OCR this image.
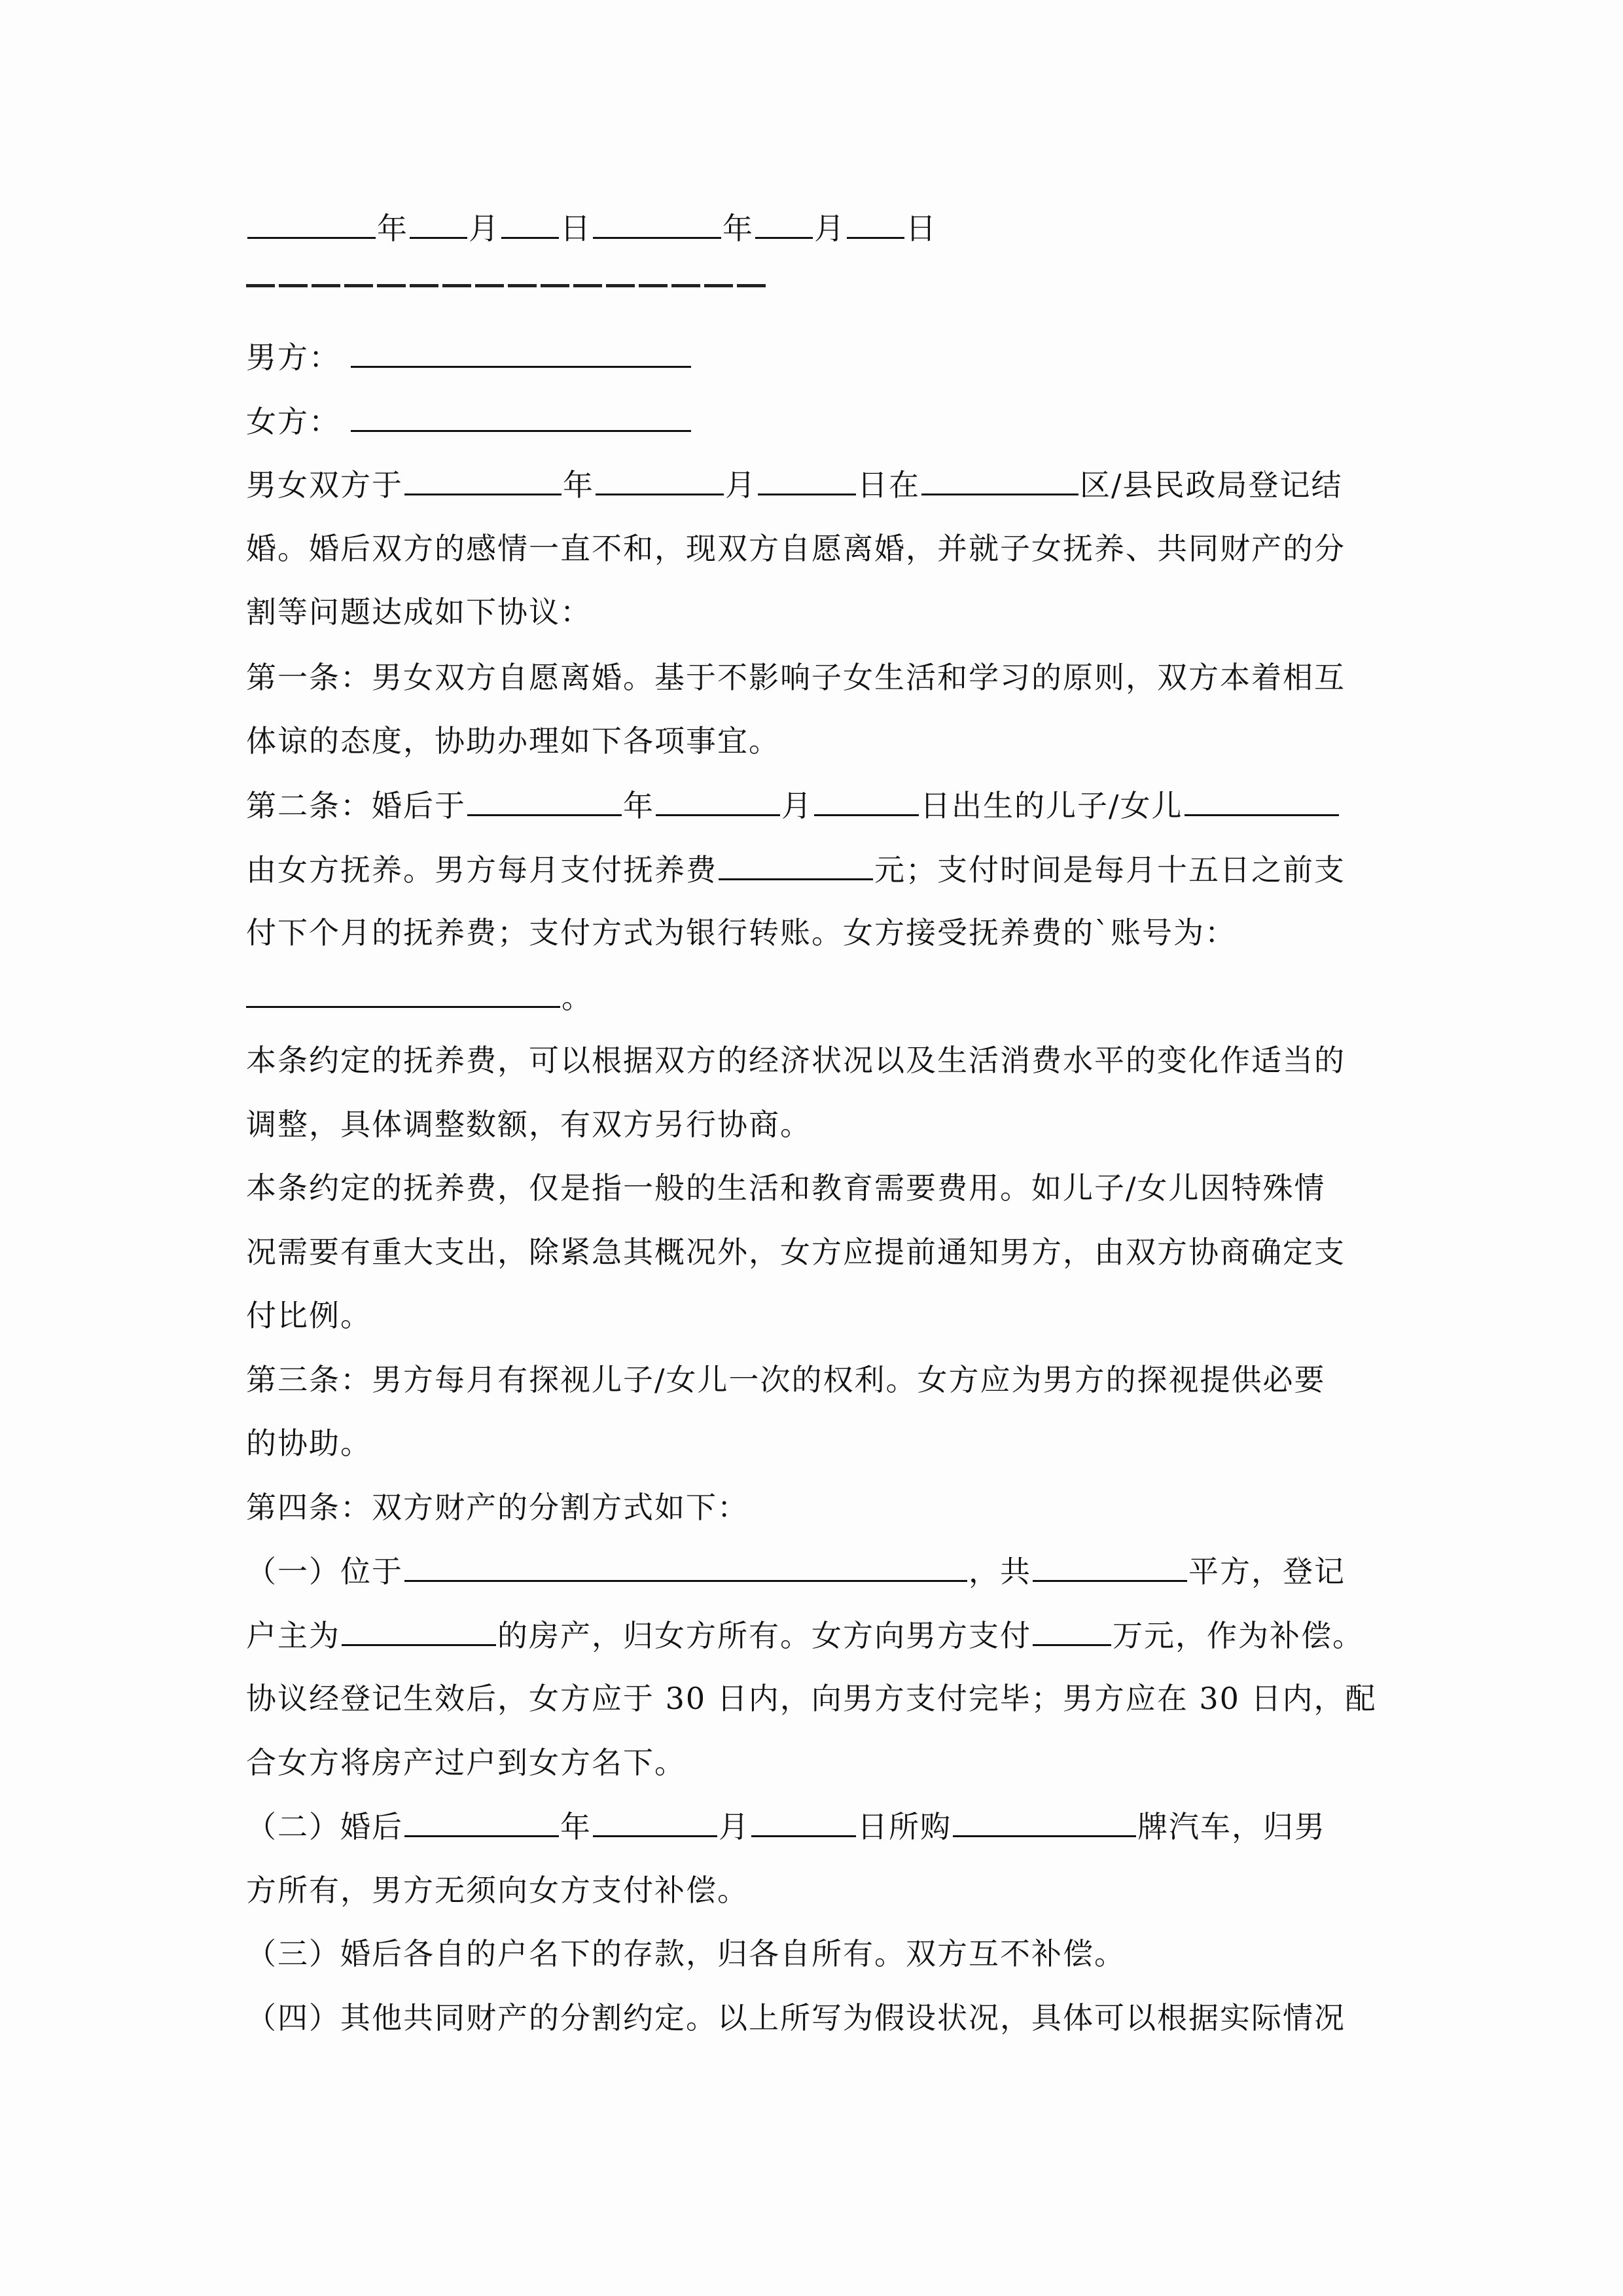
年 月 日	年 月 日
男方：
女方：
男女双方于	年	月	日在	区/县民政局登记结
婚。婚后双方的感情一直不和，现双方自愿离婚，并就子女抚养、共同财产的分
割等问题达成如下协议：
第一条：男女双方自愿离婚。基于不影响子女生活和学习的原则，双方本着相互
体谅的态度，协助办理如下各项事宜。
第二条：婚后于	年	月	日出生的儿子/女儿
由女方抚养。男方每月支付抚养费	元；支付时间是每月十五日之前支
付下个月的抚养费；支付方式为银行转账。女方接受抚养费的`账号为：
。
本条约定的抚养费，可以根据双方的经济状况以及生活消费水平的变化作适当的
调整，具体调整数额，有双方另行协商。
本条约定的抚养费，仅是指一般的生活和教育需要费用。如儿子/女儿因特殊情
况需要有重大支出，除紧急其概况外，女方应提前通知男方，由双方协商确定支
付比例。
第三条：男方每月有探视儿子/女儿一次的权利。女方应为男方的探视提供必要
的协助。
第四条：双方财产的分割方式如下：
（一）位于	，共	平方，登记
户主为	的房产，归女方所有。女方向男方支付	万元，作为补偿。
协议经登记生效后，女方应于 30 日内，向男方支付完毕；男方应在 30 日内，配
合女方将房产过户到女方名下。
（二）婚后	年	月	日所购	牌汽车，归男
方所有，男方无须向女方支付补偿。
（三）婚后各自的户名下的存款，归各自所有。双方互不补偿。
（四）其他共同财产的分割约定。以上所写为假设状况，具体可以根据实际情况
